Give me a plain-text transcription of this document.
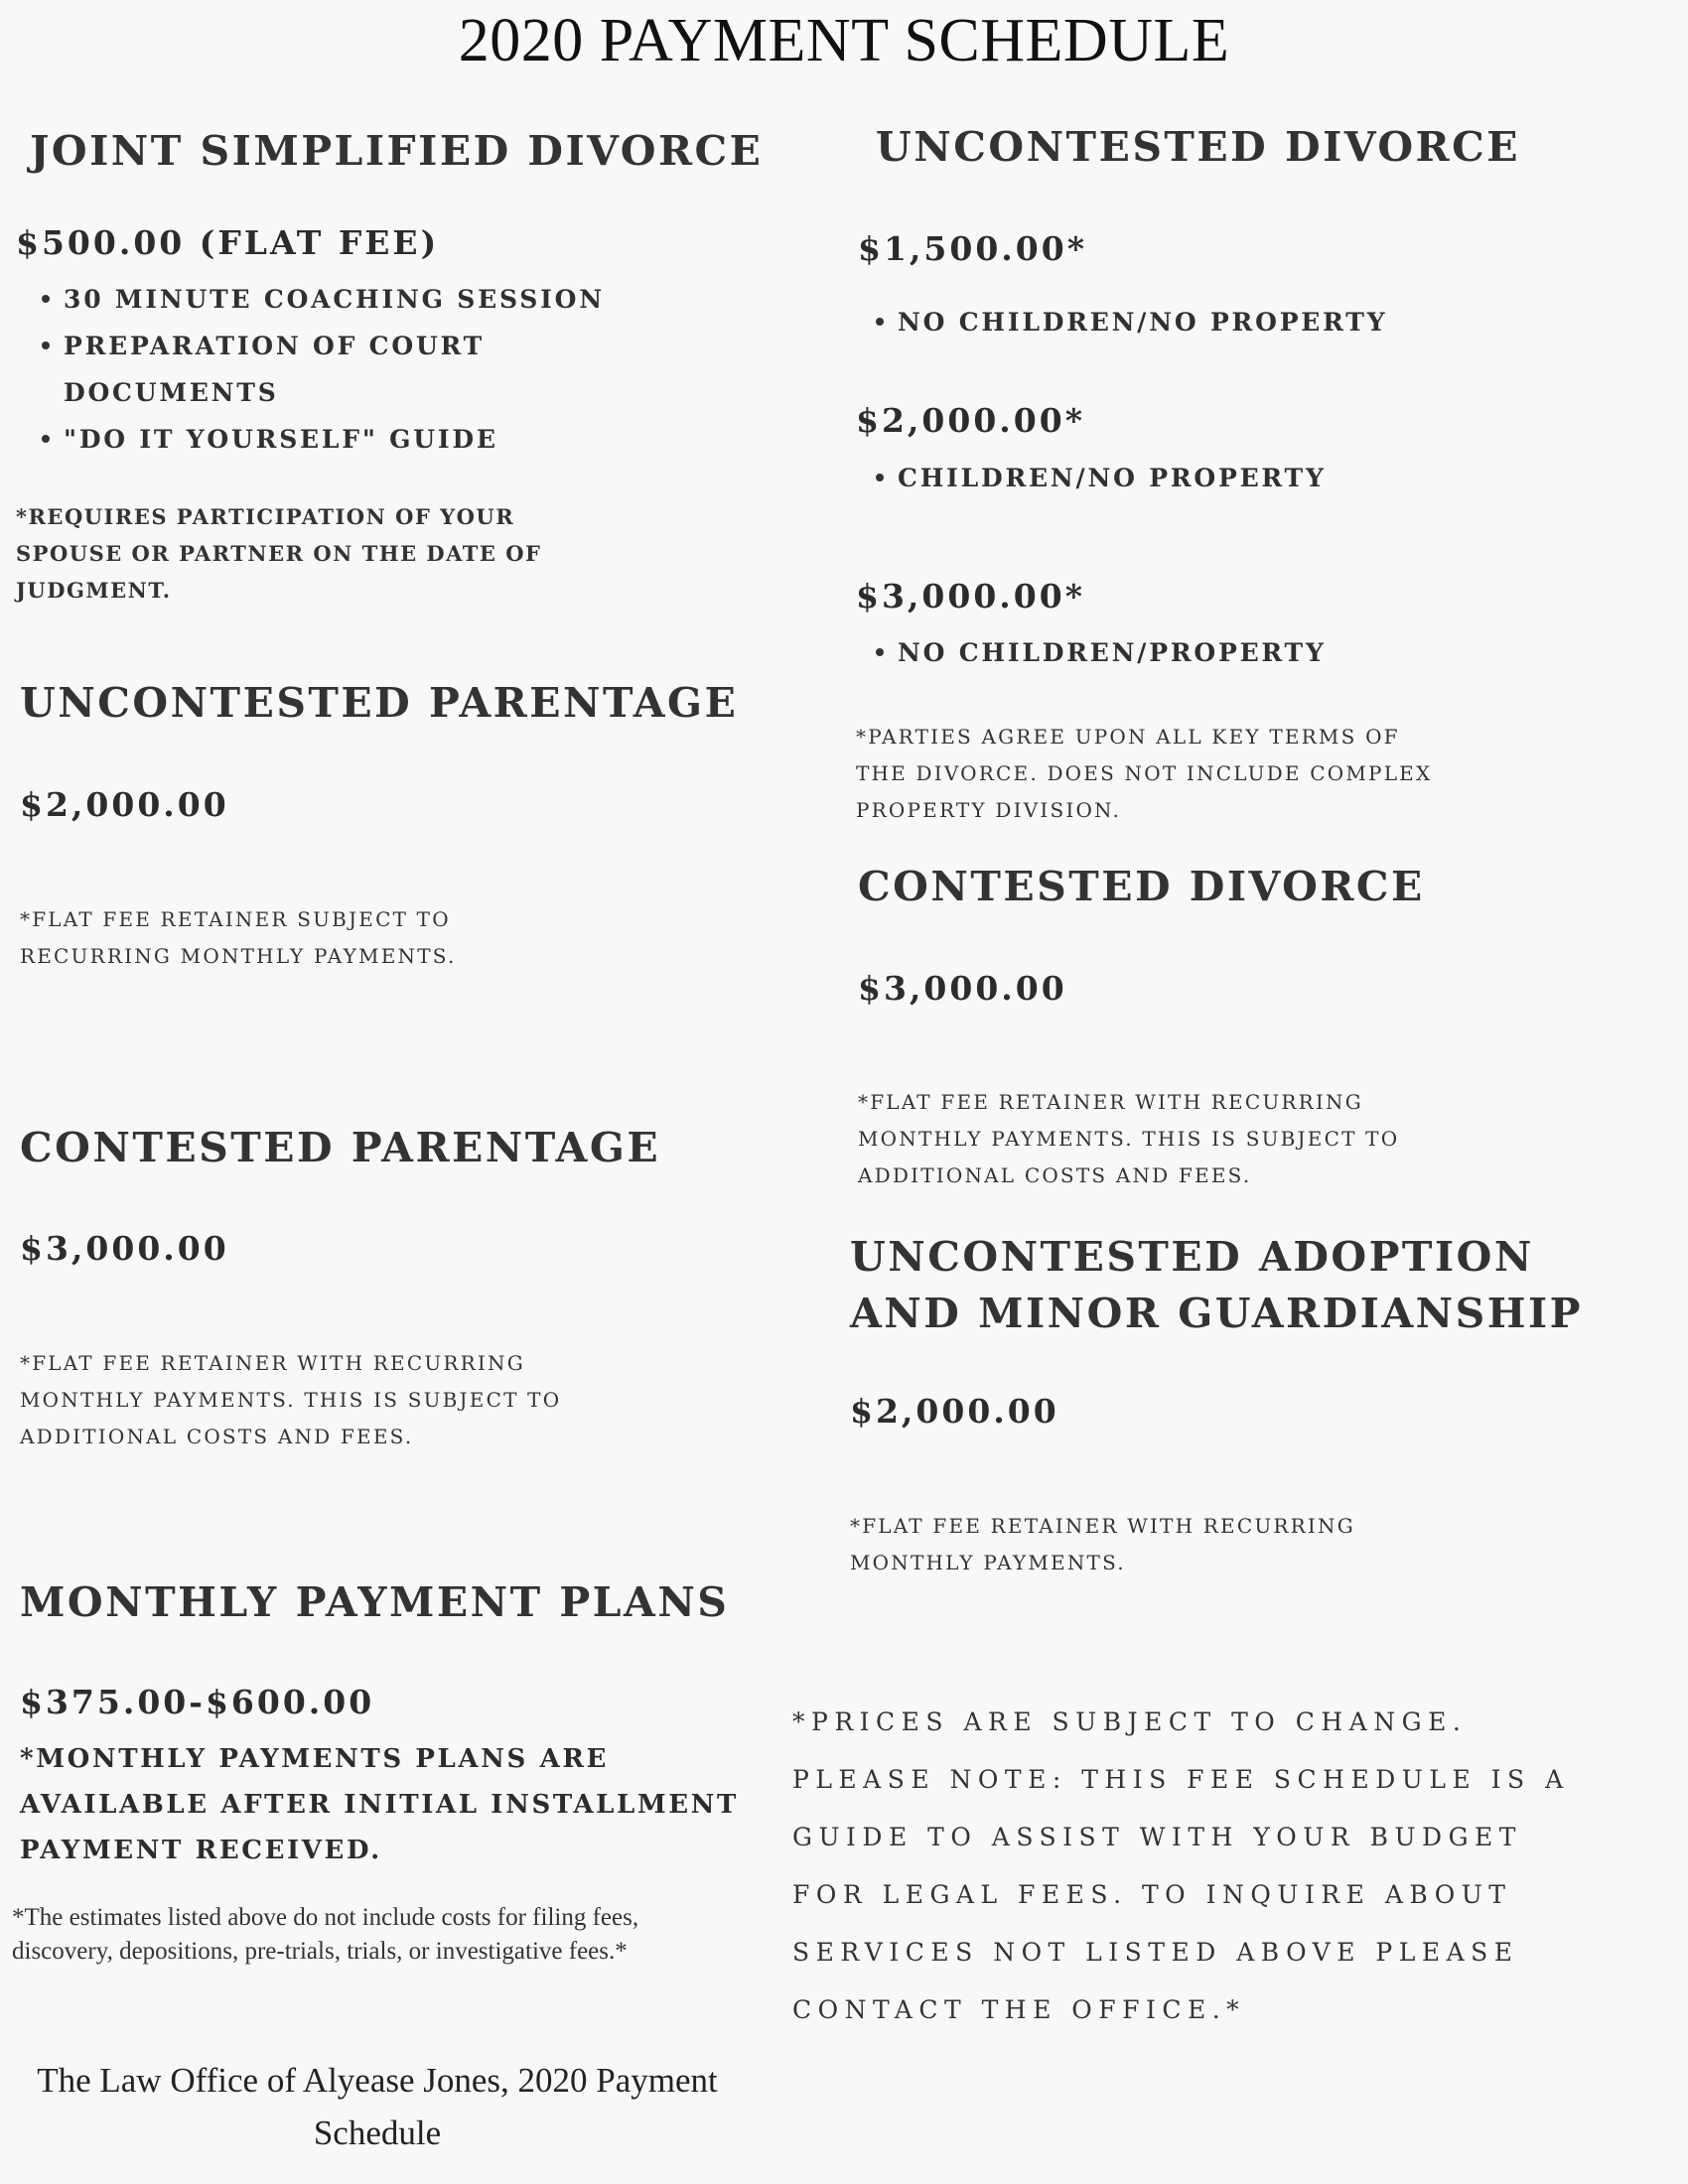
2020 PAYMENT SCHEDULE
JOINT SIMPLIFIED DIVORCE
$500.00 (FLAT FEE)
30 MINUTE COACHING SESSION
PREPARATION OF COURT
DOCUMENTS
"DO IT YOURSELF" GUIDE
*REQUIRES PARTICIPATION OF YOUR
SPOUSE OR PARTNER ON THE DATE OF
JUDGMENT.
UNCONTESTED PARENTAGE
$2,000.00
*FLAT FEE RETAINER SUBJECT TO
RECURRING MONTHLY PAYMENTS.
CONTESTED PARENTAGE
$3,000.00
*FLAT FEE RETAINER WITH RECURRING
MONTHLY PAYMENTS. THIS IS SUBJECT TO
ADDITIONAL COSTS AND FEES.
MONTHLY PAYMENT PLANS
$375.00-$600.00
*MONTHLY PAYMENTS PLANS ARE
AVAILABLE AFTER INITIAL INSTALLMENT
PAYMENT RECEIVED.
*The estimates listed above do not include costs for filing fees,
discovery, depositions, pre-trials, trials, or investigative fees.*
The Law Office of Alyease Jones, 2020 Payment
Schedule
UNCONTESTED DIVORCE
$1,500.00*
NO CHILDREN/NO PROPERTY
$2,000.00*
CHILDREN/NO PROPERTY
$3,000.00*
NO CHILDREN/PROPERTY
*PARTIES AGREE UPON ALL KEY TERMS OF
THE DIVORCE. DOES NOT INCLUDE COMPLEX
PROPERTY DIVISION.
CONTESTED DIVORCE
$3,000.00
*FLAT FEE RETAINER WITH RECURRING
MONTHLY PAYMENTS. THIS IS SUBJECT TO
ADDITIONAL COSTS AND FEES.
UNCONTESTED ADOPTION
AND MINOR GUARDIANSHIP
$2,000.00
*FLAT FEE RETAINER WITH RECURRING
MONTHLY PAYMENTS.
*PRICES ARE SUBJECT TO CHANGE.
PLEASE NOTE: THIS FEE SCHEDULE IS A
GUIDE TO ASSIST WITH YOUR BUDGET
FOR LEGAL FEES. TO INQUIRE ABOUT
SERVICES NOT LISTED ABOVE PLEASE
CONTACT THE OFFICE.*
